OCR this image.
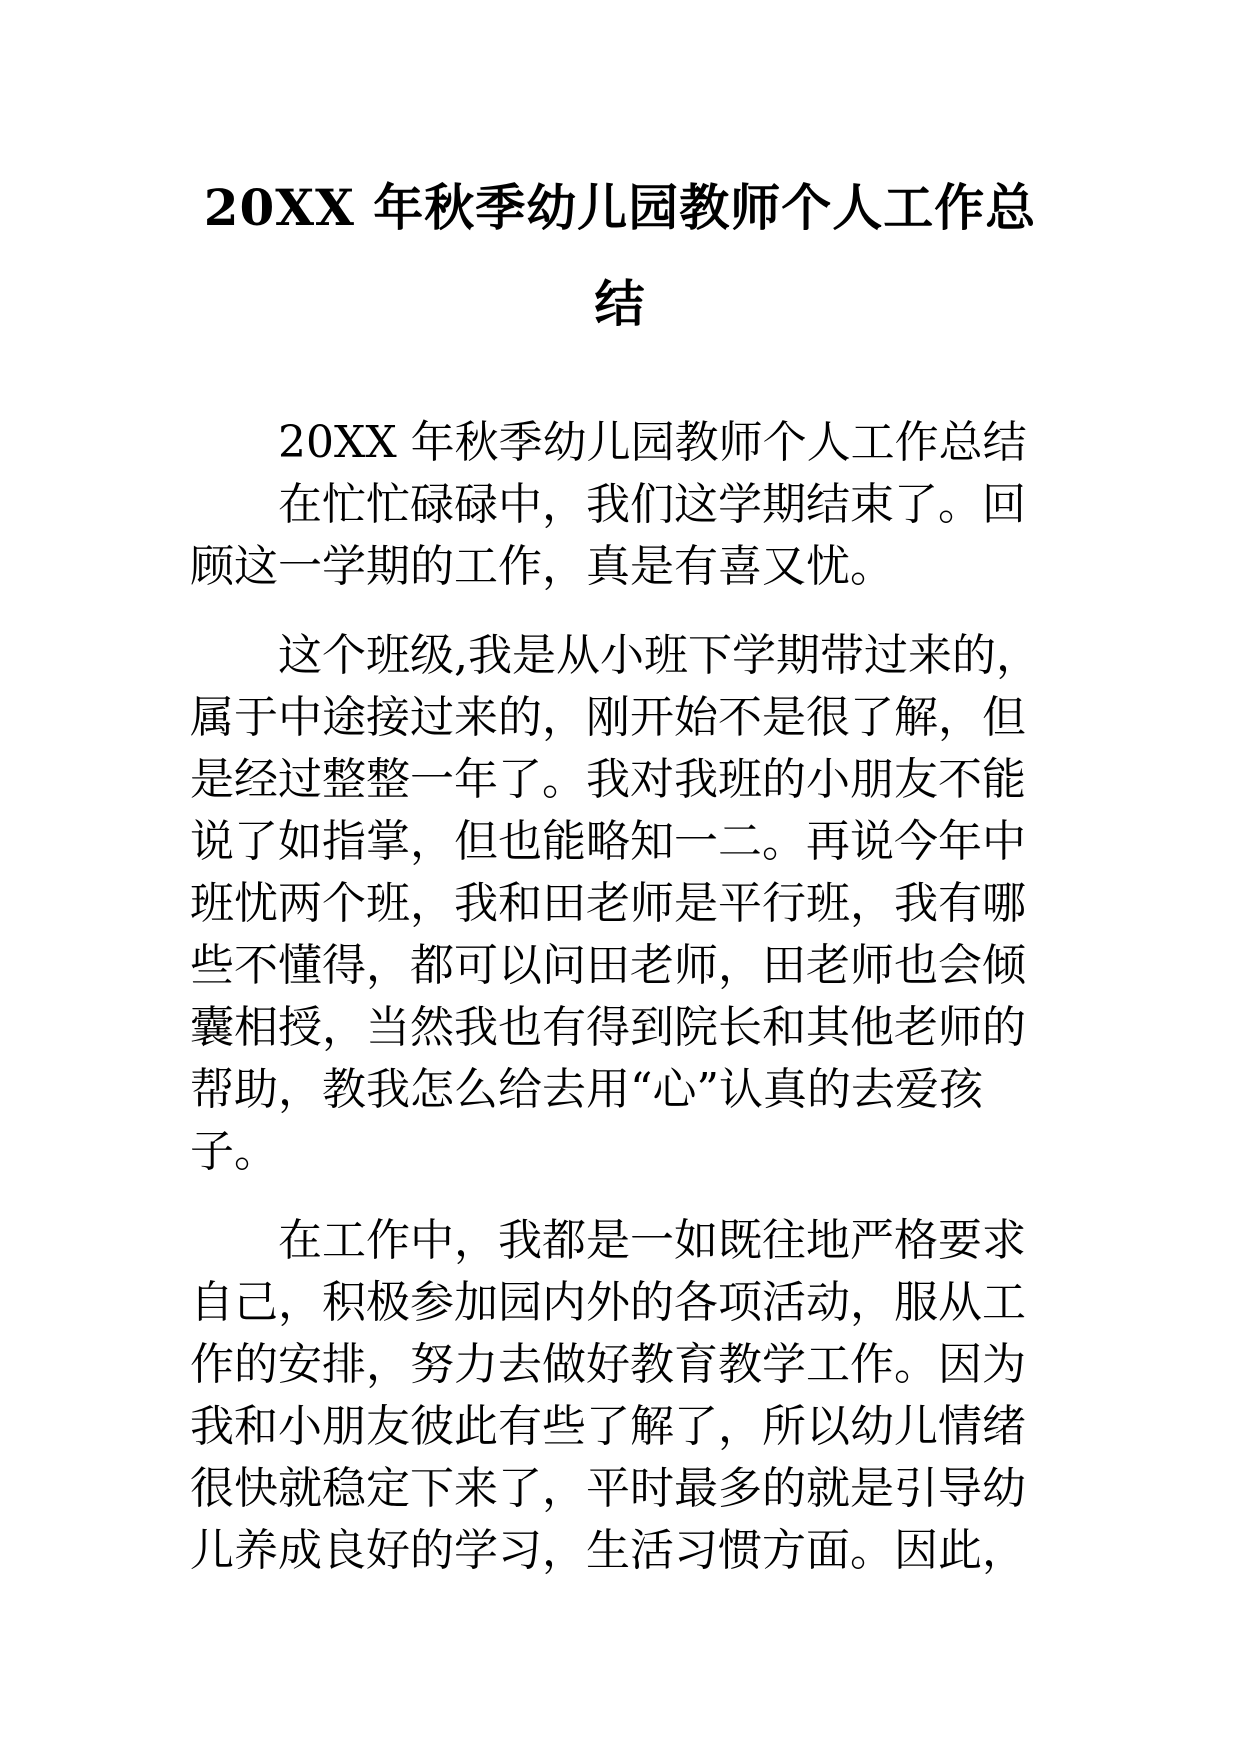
20XX 年秋季幼儿园教师个人工作总
结

20XX 年秋季幼儿园教师个人工作总结

在忙忙碌碌中，我们这学期结束了。回

顾这一学期的工作，真是有喜又忧。

这个班级,我是从小班下学期带过来的，

属于中途接过来的，刚开始不是很了解，但

是经过整整一年了。我对我班的小朋友不能

说了如指掌，但也能略知一二。再说今年中

班忧两个班，我和田老师是平行班，我有哪

些不懂得，都可以问田老师，田老师也会倾

囊相授，当然我也有得到院长和其他老师的

帮助，教我怎么给去用“心”认真的去爱孩

子。

在工作中，我都是一如既往地严格要求

自己，积极参加园内外的各项活动，服从工

作的安排，努力去做好教育教学工作。因为

我和小朋友彼此有些了解了，所以幼儿情绪

很快就稳定下来了，平时最多的就是引导幼

儿养成良好的学习，生活习惯方面。因此，
